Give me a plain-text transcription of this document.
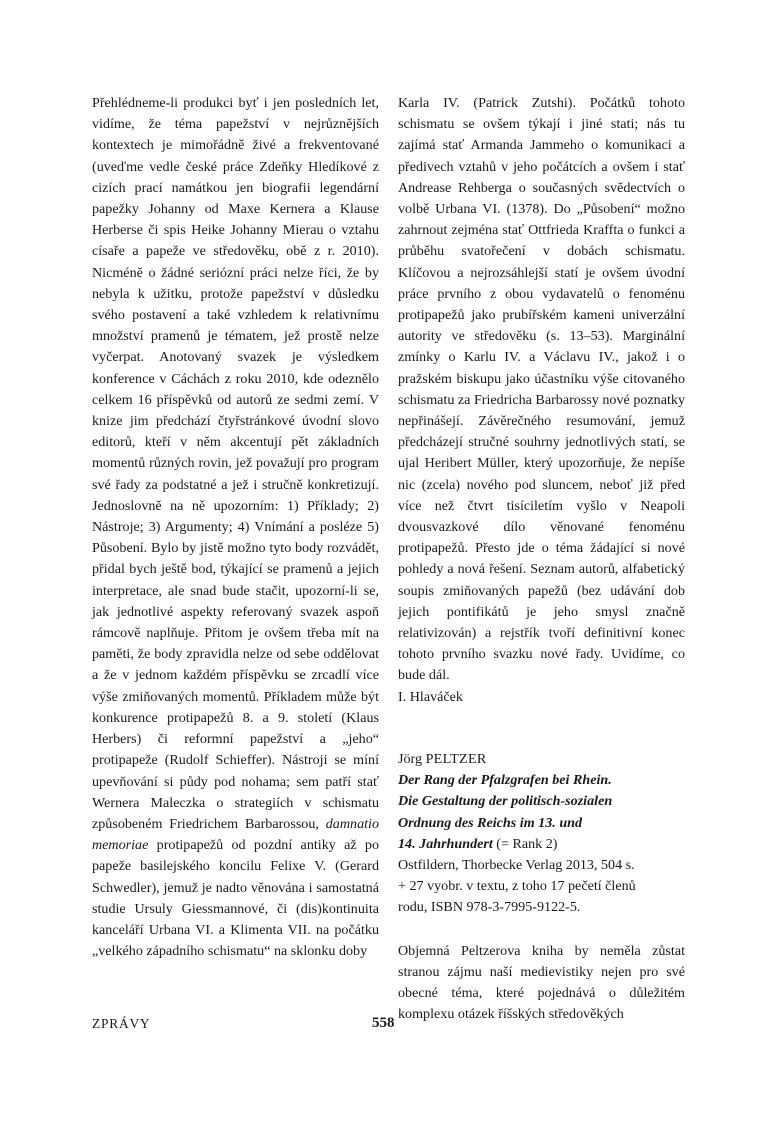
Přehlédneme-li produkci byť i jen posledních let, vidíme, že téma papežství v nejrůznějších kontextech je mimořádně živé a frekventované (uveďme vedle české práce Zdeňky Hledíkové z cizích prací namátkou jen biografii legendární papežky Johanny od Maxe Kernera a Klause Herberse či spis Heike Johanny Mierau o vztahu císaře a papeže ve středověku, obě z r. 2010). Nicméně o žádné seriózní práci nelze říci, že by nebyla k užitku, protože papežství v důsledku svého postavení a také vzhledem k relativnímu množství pramenů je tématem, jež prostě nelze vyčerpat. Anotovaný svazek je výsledkem konference v Cáchách z roku 2010, kde odeznělo celkem 16 příspěvků od autorů ze sedmi zemí. V knize jim předchází čtyřstránkové úvodní slovo editorů, kteří v něm akcentují pět základních momentů různých rovin, jež považují pro program své řady za podstatné a jež i stručně konkretizují. Jednoslovně na ně upozorním: 1) Příklady; 2) Nástroje; 3) Argumenty; 4) Vnímání a posléze 5) Působení. Bylo by jistě možno tyto body rozvádět, přidal bych ještě bod, týkající se pramenů a jejich interpretace, ale snad bude stačit, upozorní-li se, jak jednotlivé aspekty referovaný svazek aspoň rámcově naplňuje. Přitom je ovšem třeba mít na paměti, že body zpravidla nelze od sebe oddělovat a že v jednom každém příspěvku se zrcadlí více výše zmiňovaných momentů. Příkladem může být konkurence protipapežů 8. a 9. století (Klaus Herbers) či reformní papežství a „jeho“ protipapeže (Rudolf Schieffer). Nástroji se míní upevňování si půdy pod nohama; sem patří stať Wernera Maleczka o strategiích v schismatu způsobeném Friedrichem Barbarossou, damnatio memoriae protipapežů od pozdní antiky až po papeže basilejského koncilu Felixe V. (Gerard Schwedler), jemuž je nadto věnována i samostatná studie Ursuly Giessmannové, či (dis)kontinuita kanceláří Urbana VI. a Klimenta VII. na počátku „velkého západního schismatu“ na sklonku doby

Karla IV. (Patrick Zutshi). Počátků tohoto schismatu se ovšem týkají i jiné stati; nás tu zajímá stať Armanda Jammeho o komunikaci a předivech vztahů v jeho počátcích a ovšem i stať Andrease Rehberga o současných svědectvích o volbě Urbana VI. (1378). Do „Působení“ možno zahrnout zejména stať Ottfrieda Kraffta o funkci a průběhu svatořečení v dobách schismatu. Klíčovou a nejrozsáhlejší statí je ovšem úvodní práce prvního z obou vydavatelů o fenoménu protipapežů jako prubířském kameni univerzální autority ve středověku (s. 13–53). Marginální zmínky o Karlu IV. a Václavu IV., jakož i o pražském biskupu jako účastníku výše citovaného schismatu za Friedricha Barbarossy nové poznatky nepřinášejí. Závěrečného resumování, jemuž předcházejí stručné souhrny jednotlivých statí, se ujal Heribert Müller, který upozorňuje, že nepíše nic (zcela) nového pod sluncem, neboť již před více než čtvrt tisíciletím vyšlo v Neapoli dvousvazkové dílo věnované fenoménu protipapežů. Přesto jde o téma žádající si nové pohledy a nová řešení. Seznam autorů, alfabetický soupis zmiňovaných papežů (bez udávání dob jejich pontifikátů je jeho smysl značně relativizován) a rejstřík tvoří definitivní konec tohoto prvního svazku nové řady. Uvidíme, co bude dál.

I. Hlaváček

Jörg PELTZER

Der Rang der Pfalzgrafen bei Rhein.
Die Gestaltung der politisch-sozialen
Ordnung des Reichs im 13. und
14. Jahrhundert (= Rank 2)

Ostfildern, Thorbecke Verlag 2013, 504 s.
+ 27 vyobr. v textu, z toho 17 pečetí členů
rodu, ISBN 978-3-7995-9122-5.

Objemná Peltzerova kniha by neměla zůstat stranou zájmu naší medievistiky nejen pro své obecné téma, které pojednává o důležitém komplexu otázek říšských středověkých

ZPRÁVY	558
